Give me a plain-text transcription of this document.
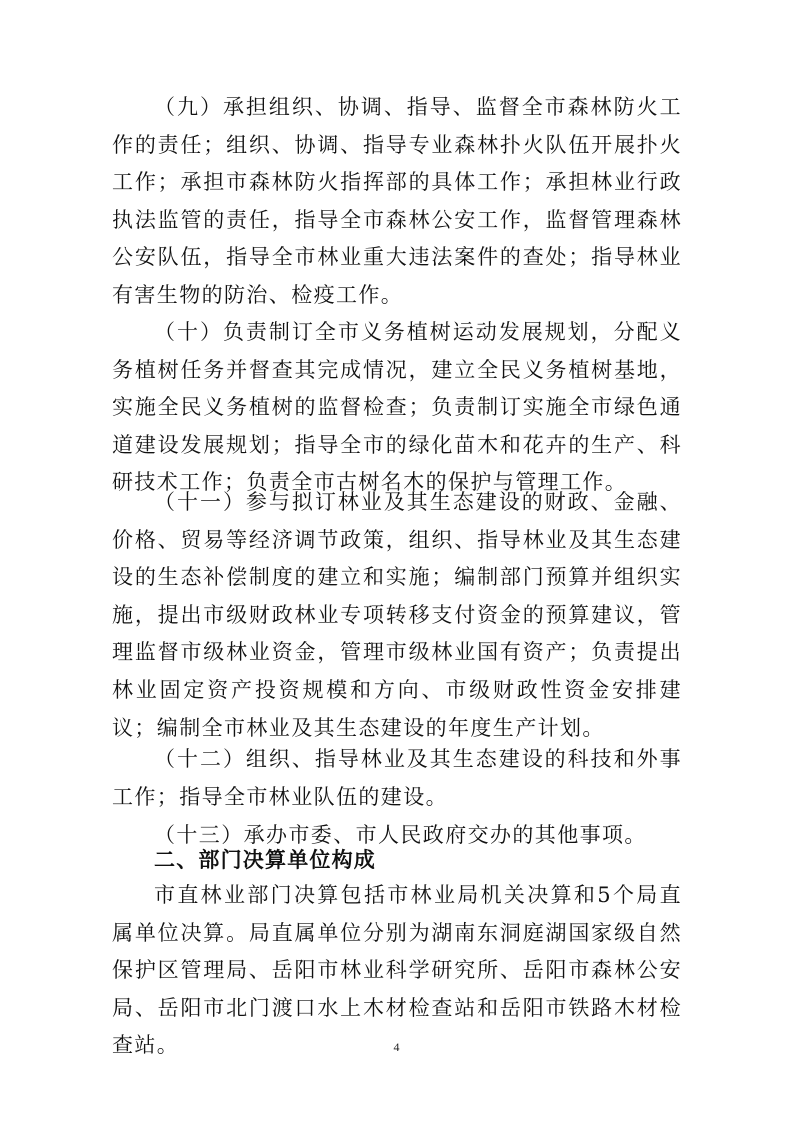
（九）承担组织、协调、指导、监督全市森林防火工作的责任；组织、协调、指导专业森林扑火队伍开展扑火工作；承担市森林防火指挥部的具体工作；承担林业行政执法监管的责任，指导全市森林公安工作，监督管理森林公安队伍，指导全市林业重大违法案件的查处；指导林业有害生物的防治、检疫工作。

（十）负责制订全市义务植树运动发展规划，分配义务植树任务并督查其完成情况，建立全民义务植树基地，实施全民义务植树的监督检查；负责制订实施全市绿色通道建设发展规划；指导全市的绿化苗木和花卉的生产、科研技术工作；负责全市古树名木的保护与管理工作。

（十一）参与拟订林业及其生态建设的财政、金融、价格、贸易等经济调节政策，组织、指导林业及其生态建设的生态补偿制度的建立和实施；编制部门预算并组织实施，提出市级财政林业专项转移支付资金的预算建议，管理监督市级林业资金，管理市级林业国有资产；负责提出林业固定资产投资规模和方向、市级财政性资金安排建议；编制全市林业及其生态建设的年度生产计划。

（十二）组织、指导林业及其生态建设的科技和外事工作；指导全市林业队伍的建设。

（十三）承办市委、市人民政府交办的其他事项。

二、部门决算单位构成

市直林业部门决算包括市林业局机关决算和5个局直属单位决算。局直属单位分别为湖南东洞庭湖国家级自然保护区管理局、岳阳市林业科学研究所、岳阳市森林公安局、岳阳市北门渡口水上木材检查站和岳阳市铁路木材检查站。	4
